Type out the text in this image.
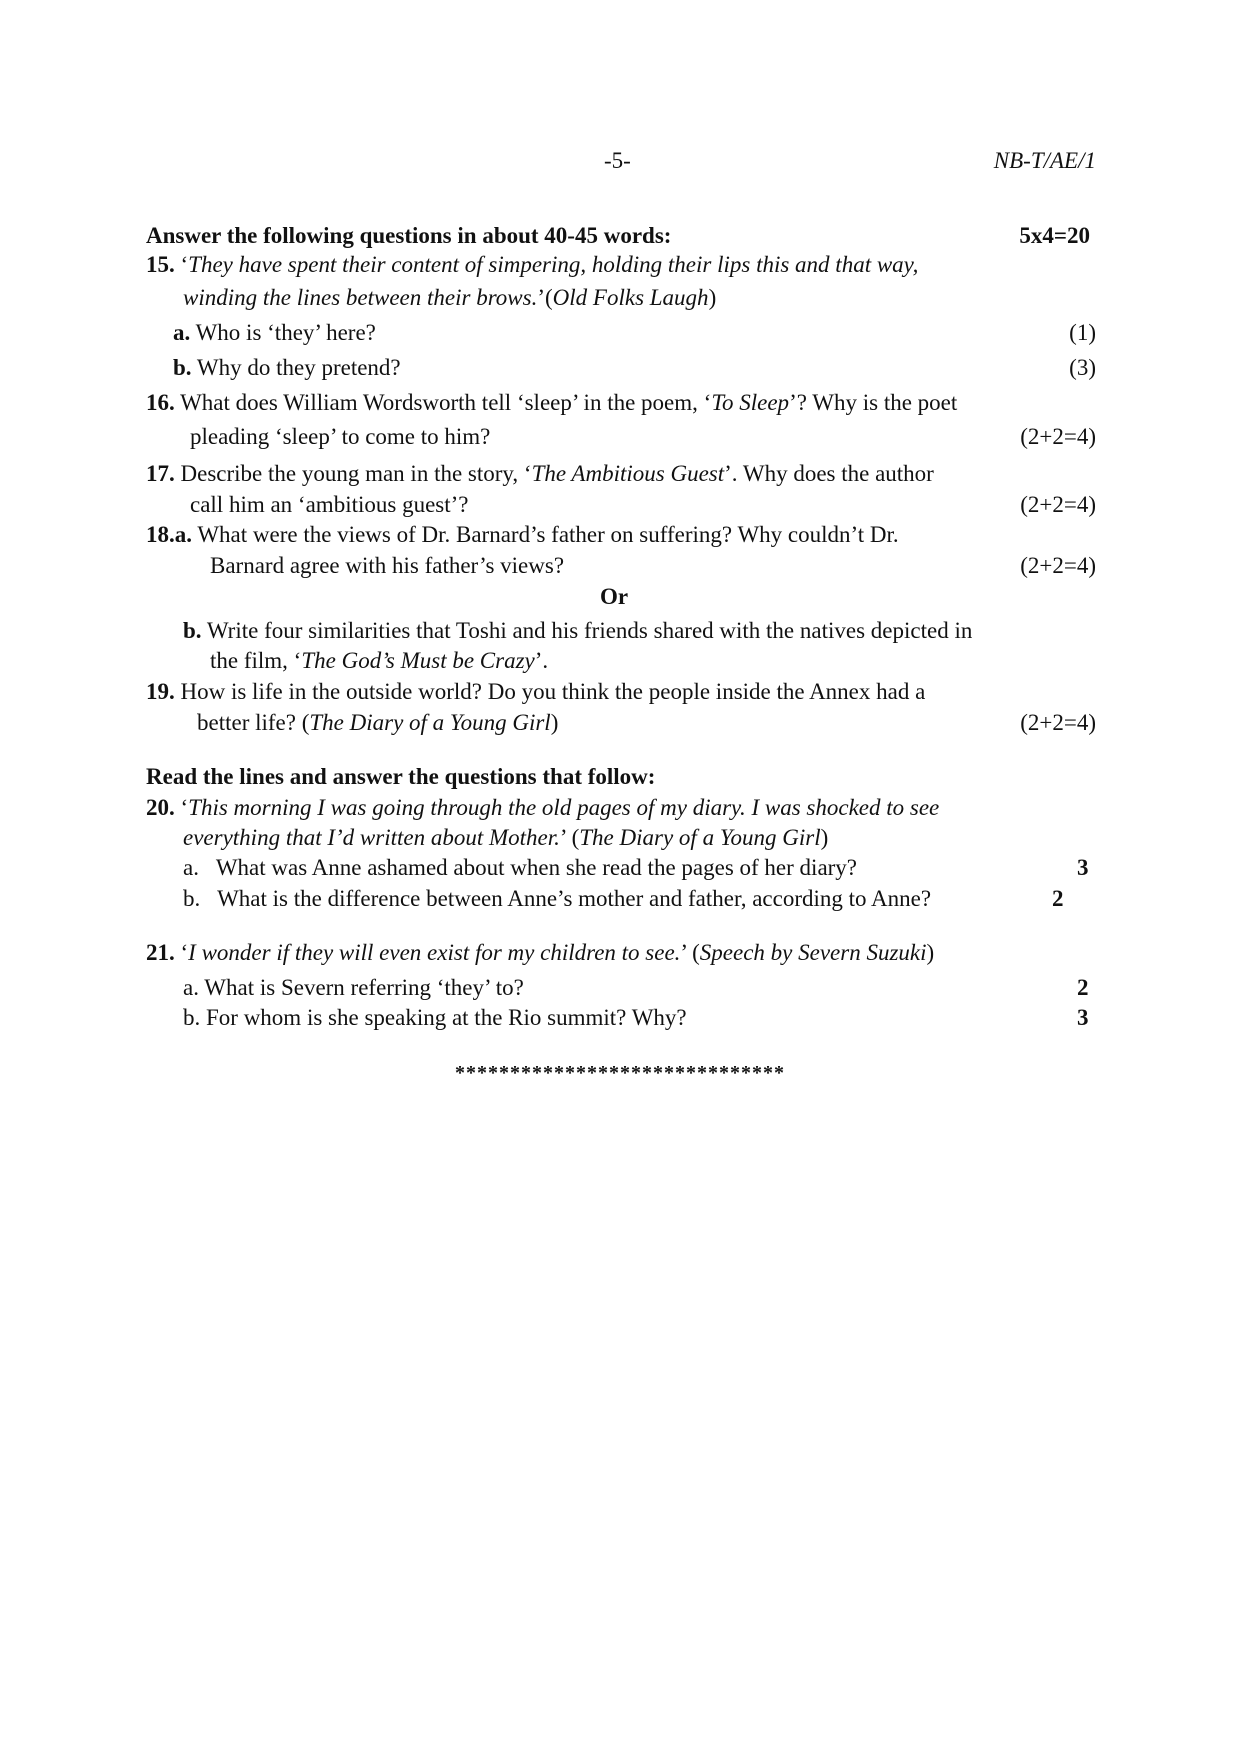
-5-	NB-T/AE/1
Answer the following questions in about 40-45 words:	5x4=20
15. ‘They have spent their content of simpering, holding their lips this and that way,
winding the lines between their brows.’(Old Folks Laugh)
a. Who is ‘they’ here?	(1)
b. Why do they pretend?	(3)
16. What does William Wordsworth tell ‘sleep’ in the poem, ‘To Sleep’? Why is the poet
pleading ‘sleep’ to come to him?	(2+2=4)
17. Describe the young man in the story, ‘The Ambitious Guest’. Why does the author
call him an ‘ambitious guest’?	(2+2=4)
18.a. What were the views of Dr. Barnard’s father on suffering? Why couldn’t Dr.
Barnard agree with his father’s views?	(2+2=4)
Or
b. Write four similarities that Toshi and his friends shared with the natives depicted in
the film, ‘The God’s Must be Crazy’.
19. How is life in the outside world? Do you think the people inside the Annex had a
better life? (The Diary of a Young Girl)	(2+2=4)
Read the lines and answer the questions that follow:
20. ‘This morning I was going through the old pages of my diary. I was shocked to see
everything that I’d written about Mother.’ (The Diary of a Young Girl)
a. What was Anne ashamed about when she read the pages of her diary?	3
b. What is the difference between Anne’s mother and father, according to Anne?	2
21. ‘I wonder if they will even exist for my children to see.’ (Speech by Severn Suzuki)
a. What is Severn referring ‘they’ to?	2
b. For whom is she speaking at the Rio summit? Why?	3
******************************
